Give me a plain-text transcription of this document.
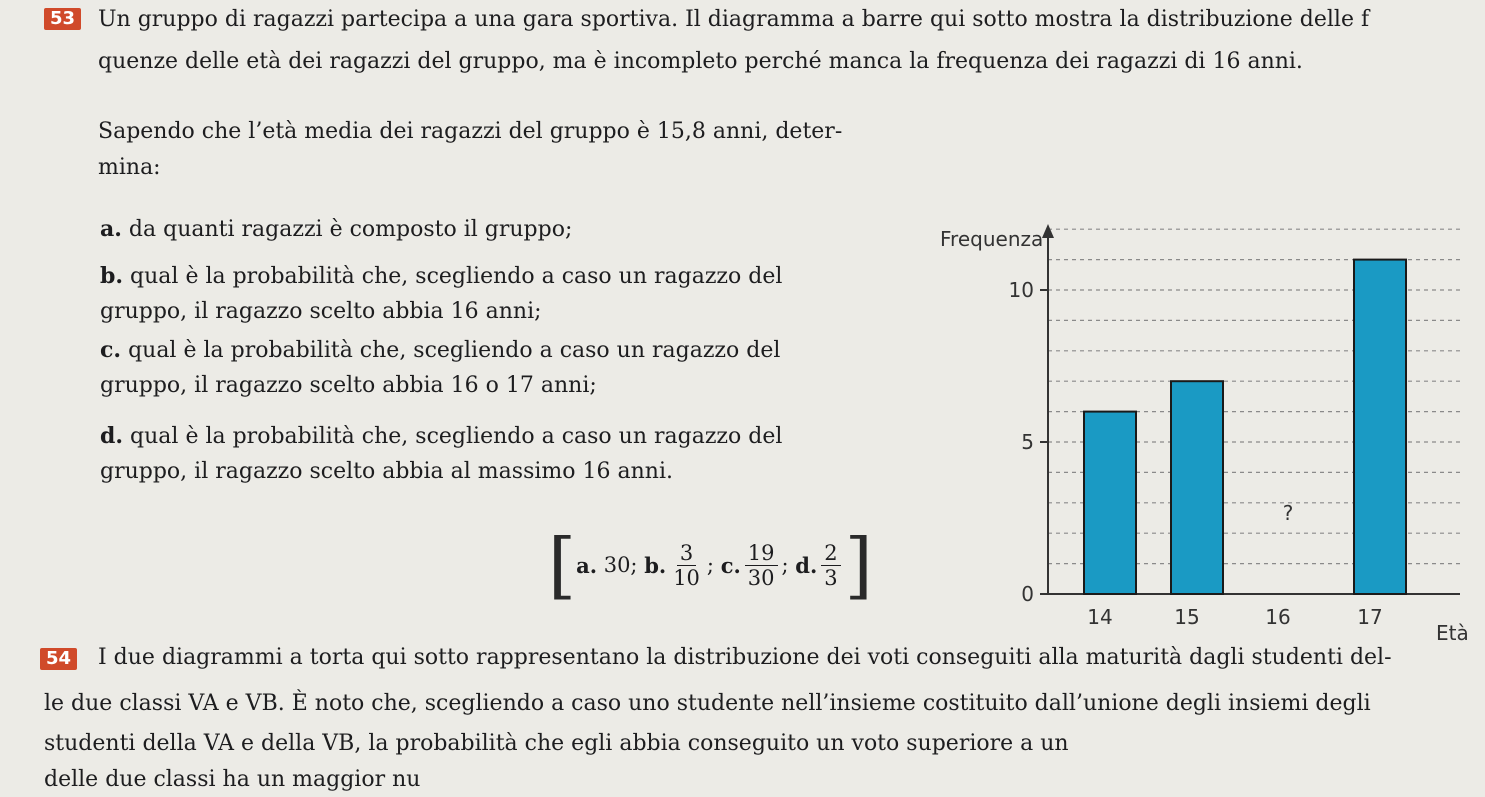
53 Un gruppo di ragazzi partecipa a una gara sportiva. Il diagramma a barre qui sotto mostra la distribuzione delle f
quenze delle età dei ragazzi del gruppo, ma è incompleto perché manca la frequenza dei ragazzi di 16 anni.
Sapendo che l’età media dei ragazzi del gruppo è 15,8 anni, deter-
mina:
a. da quanti ragazzi è composto il gruppo;
b. qual è la probabilità che, scegliendo a caso un ragazzo del
gruppo, il ragazzo scelto abbia 16 anni;
c. qual è la probabilità che, scegliendo a caso un ragazzo del
gruppo, il ragazzo scelto abbia 16 o 17 anni;
d. qual è la probabilità che, scegliendo a caso un ragazzo del
gruppo, il ragazzo scelto abbia al massimo 16 anni.
[ a.
30;
b. $\frac{3}{10}$ ;
c. $\frac{19}{30}$ ;
d. $\frac{2}{3}$ ]	0
5
10
?
14	15	16	17
Frequenza
Età
54 I due diagrammi a torta qui sotto rappresentano la distribuzione dei voti conseguiti alla maturità dagli studenti del-
le due classi VA e VB. È noto che, scegliendo a caso uno studente nell’insieme costituito dall’unione degli insiemi degli
studenti della VA e della VB, la probabilità che egli abbia conseguito un voto superiore a un
delle due classi ha un maggior nu
